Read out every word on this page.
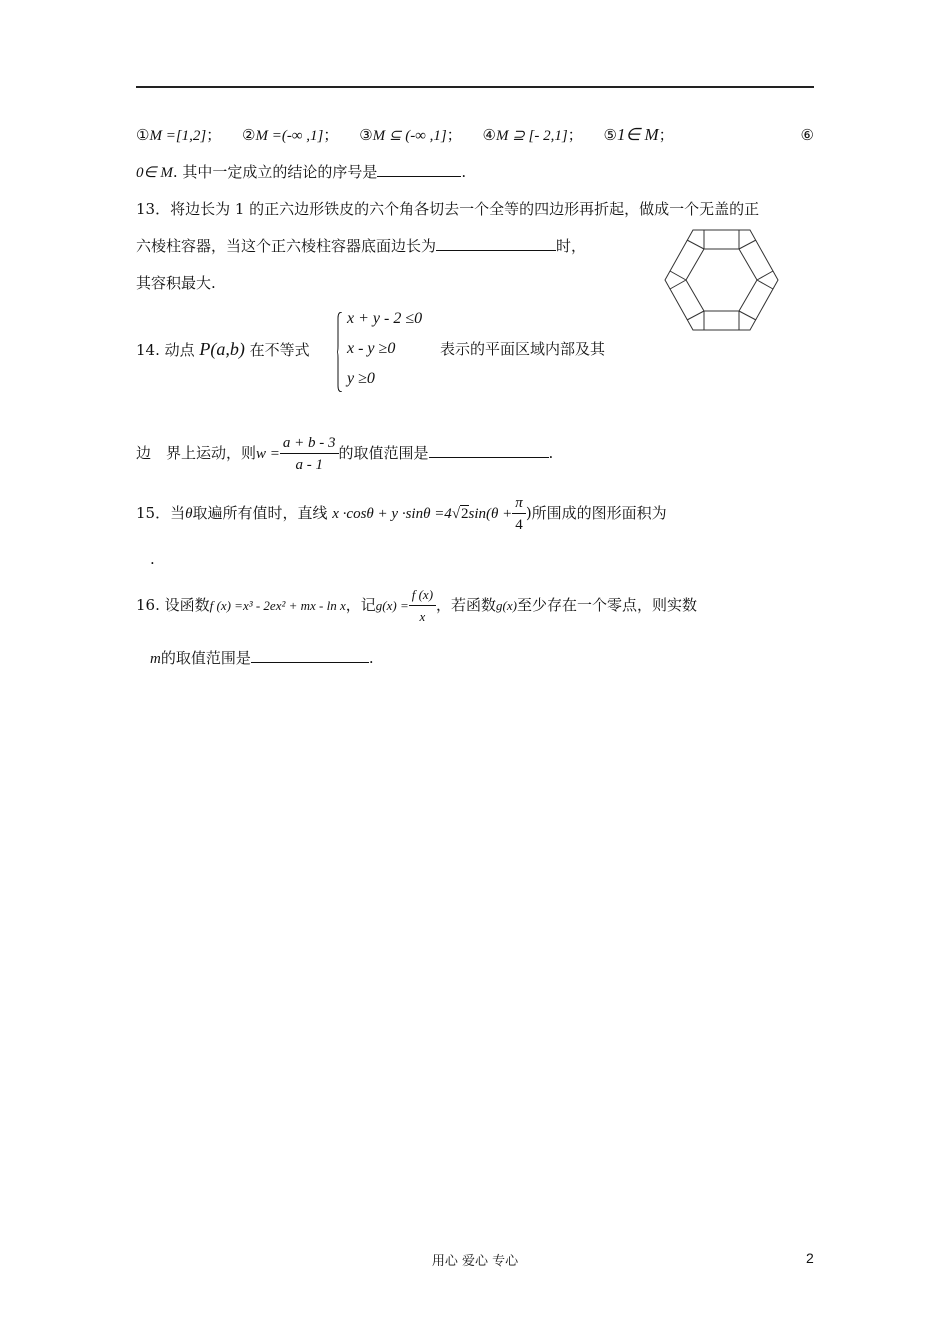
①M =[1,2]； ②M =(-∞ ,1]； ③M ⊆ (-∞ ,1]； ④M ⊇ [- 2,1]； ⑤1∈ M；	⑥
0∈ M. 其中一定成立的结论的序号是	.
13．将边长为 1 的正六边形铁皮的六个角各切去一个全等的四边形再折起，做成一个无盖的正
六棱柱容器，当这个正六棱柱容器底面边长为	时，
其容积最大.
14. 动点 P(a,b) 在不等式
x + y - 2 ≤0
x - y ≥0
y ≥0
表示的平面区域内部及其
边　界上运动，则$w = \frac{a + b - 3}{a - 1}$ 的取值范围是	.
15．当θ取遍所有值时，直线 $x \cdot\cos\theta + y \cdot\sin\theta =4√2\sin(\theta + \frac{\pi}{4}$ )所围成的图形面积为
.
16. 设函数f (x) =x³ - 2ex² + mx - ln x，记$g(x) = \frac{f (x)}{x}$ ，若函数g(x)至少存在一个零点，则实数
m的取值范围是	.
用心 爱心 专心	2
